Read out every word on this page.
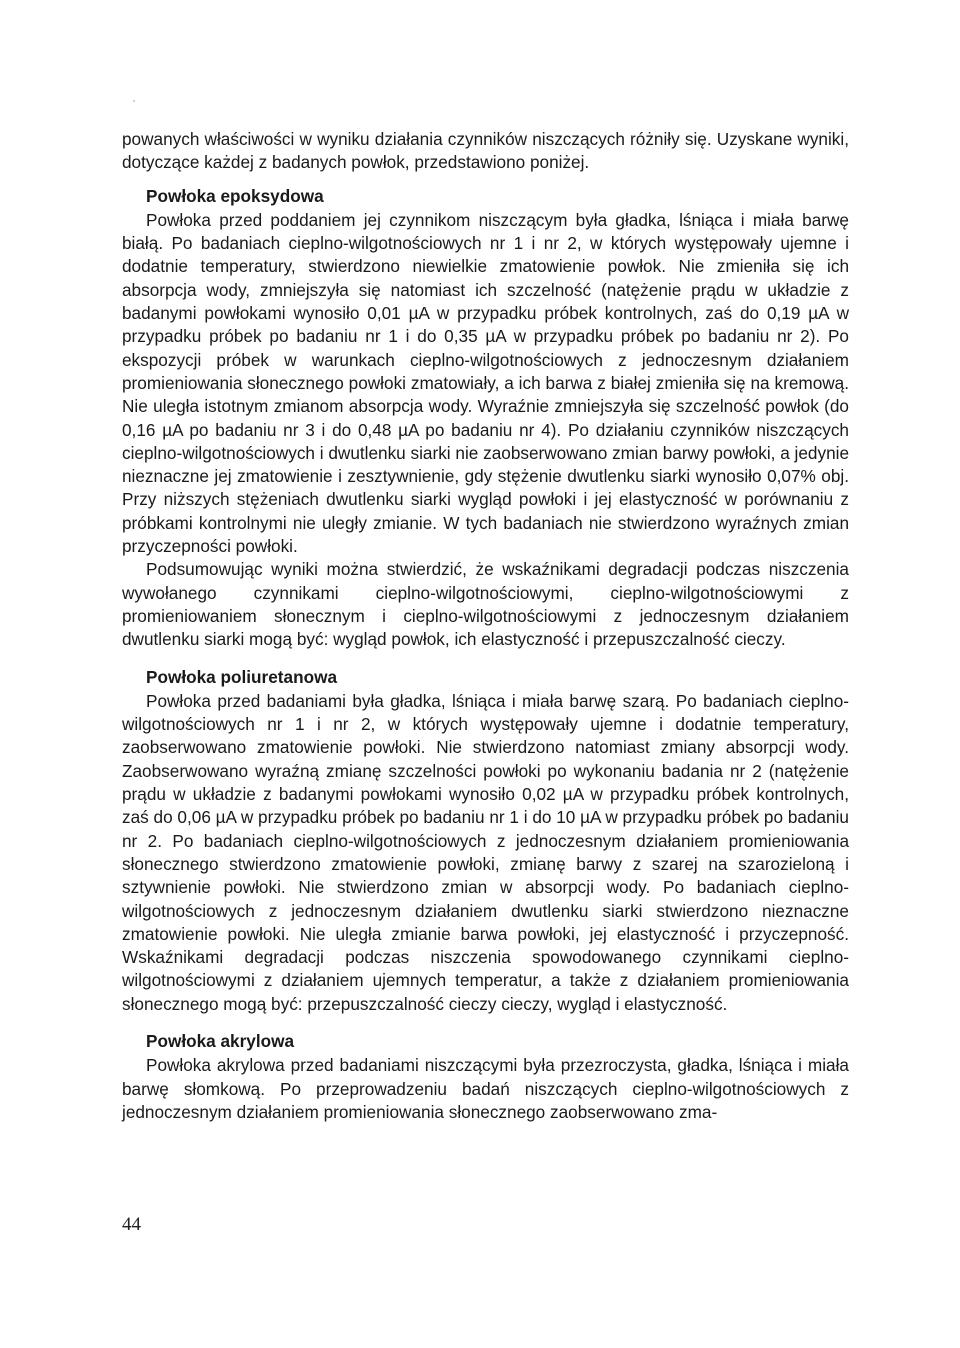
powanych właściwości w wyniku działania czynników niszczących różniły się. Uzyskane wyniki, dotyczące każdej z badanych powłok, przedstawiono poniżej.

Powłoka epoksydowa

Powłoka przed poddaniem jej czynnikom niszczącym była gładka, lśniąca i miała barwę białą. Po badaniach cieplno-wilgotnościowych nr 1 i nr 2, w których występowały ujemne i dodatnie temperatury, stwierdzono niewielkie zmatowienie powłok. Nie zmieniła się ich absorpcja wody, zmniejszyła się natomiast ich szczelność (natężenie prądu w układzie z badanymi powłokami wynosiło 0,01 µA w przypadku próbek kontrolnych, zaś do 0,19 µA w przypadku próbek po badaniu nr 1 i do 0,35 µA w przypadku próbek po badaniu nr 2). Po ekspozycji próbek w warunkach cieplno-wilgotnościowych z jednoczesnym działaniem promieniowania słonecznego powłoki zmatowiały, a ich barwa z białej zmieniła się na kremową. Nie uległa istotnym zmianom absorpcja wody. Wyraźnie zmniejszyła się szczelność powłok (do 0,16 µA po badaniu nr 3 i do 0,48 µA po badaniu nr 4). Po działaniu czynników niszczących cieplno-wilgotnościowych i dwutlenku siarki nie zaobserwowano zmian barwy powłoki, a jedynie nieznaczne jej zmatowienie i zesztywnienie, gdy stężenie dwutlenku siarki wynosiło 0,07% obj. Przy niższych stężeniach dwutlenku siarki wygląd powłoki i jej elastyczność w porównaniu z próbkami kontrolnymi nie uległy zmianie. W tych badaniach nie stwierdzono wyraźnych zmian przyczepności powłoki.

Podsumowując wyniki można stwierdzić, że wskaźnikami degradacji podczas niszczenia wywołanego czynnikami cieplno-wilgotnościowymi, cieplno-wilgotnościowymi z promieniowaniem słonecznym i cieplno-wilgotnościowymi z jednoczesnym działaniem dwutlenku siarki mogą być: wygląd powłok, ich elastyczność i przepuszczalność cieczy.

Powłoka poliuretanowa

Powłoka przed badaniami była gładka, lśniąca i miała barwę szarą. Po badaniach cieplno-wilgotnościowych nr 1 i nr 2, w których występowały ujemne i dodatnie temperatury, zaobserwowano zmatowienie powłoki. Nie stwierdzono natomiast zmiany absorpcji wody. Zaobserwowano wyraźną zmianę szczelności powłoki po wykonaniu badania nr 2 (natężenie prądu w układzie z badanymi powłokami wynosiło 0,02 µA w przypadku próbek kontrolnych, zaś do 0,06 µA w przypadku próbek po badaniu nr 1 i do 10 µA w przypadku próbek po badaniu nr 2. Po badaniach cieplno-wilgotnościowych z jednoczesnym działaniem promieniowania słonecznego stwierdzono zmatowienie powłoki, zmianę barwy z szarej na szarozieloną i sztywnienie powłoki. Nie stwierdzono zmian w absorpcji wody. Po badaniach cieplno-wilgotnościowych z jednoczesnym działaniem dwutlenku siarki stwierdzono nieznaczne zmatowienie powłoki. Nie uległa zmianie barwa powłoki, jej elastyczność i przyczepność. Wskaźnikami degradacji podczas niszczenia spowodowanego czynnikami cieplno-wilgotnościowymi z działaniem ujemnych temperatur, a także z działaniem promieniowania słonecznego mogą być: przepuszczalność cieczy cieczy, wygląd i elastyczność.

Powłoka akrylowa

Powłoka akrylowa przed badaniami niszczącymi była przezroczysta, gładka, lśniąca i miała barwę słomkową. Po przeprowadzeniu badań niszczących cieplno-wilgotnościowych z jednoczesnym działaniem promieniowania słonecznego zaobserwowano zma-

44
